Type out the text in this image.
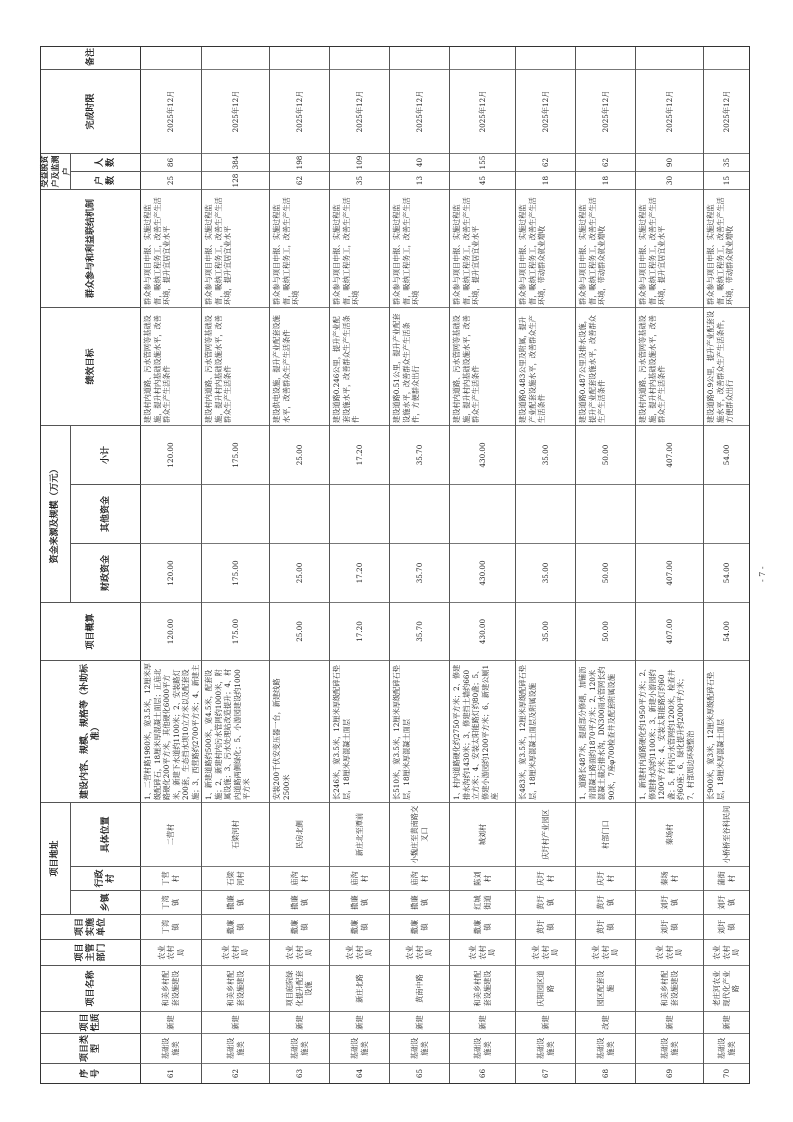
序号
项目类型
项目性质
项目名称
项目主管部门
项目实施单位
项目地址
乡镇
行政村
具体位置
建设内容、规模、规格等（补助标准）
项目概算
资金来源及规模（万元）
财政资金
其他资金
小计
绩效目标
群众参与和利益联结机制
受益脱贫户及监测户
户数
人数
完成时限
备注
61
基础设施类
新建
和美乡村配套设施建设
农业农村局
丁湾镇
丁湾镇
丁营村
二营村
1、二营村路1980米，宽3.5米，12厘米厚级配碎石，18厘米厚混凝土面层；正庙北路硬化200平方米，其他硬化6000平方米，新建下水道约1100米；2、安装路灯200套，生态挡水坝10立方米以及配套设施；3、西营路约2700平方米；4、新建主
120.00
120.00
120.00
建设村内道路、污水管网等基础设施，提升村内基础设施水平，改善群众生产生活条件
群众参与项目申报、实施过程监督，吸纳工程务工，改善生产生活环境，提升宜居宜业水平
25
86
2025年12月
62
基础设施类
新建
和美乡村配套设施建设
农业农村局
撒廉镇
撒廉镇
石梁河村
石梁河村
1、新建道路约500米，宽4.5米，配套设施；2、新建村内污水管网约1000米，附属设施；3、污水处理站改造提升；4、村内道路两侧绿化；5、小游园建设约1000平方米
175.00
175.00
175.00
建设村内道路、污水管网等基础设施，提升村内基础设施水平，改善群众生产生活条件
群众参与项目申报、实施过程监督，吸纳工程务工，改善生产生活环境，提升宜居宜业水平
128
384
2025年12月
63
基础设施类
新建
项目庭院绿化提升配套设施
农业农村局
撒廉镇
撒廉镇
庙沟村
民房北侧
安装200千伏安变压器一台，新建线路2500米
25.00
25.00
25.00
建设供电设施，提升产业配套设施水平，改善群众生产生活条件
群众参与项目申报、实施过程监督，吸纳工程务工，改善生产生活环境
62
198
2025年12月
64
基础设施类
新建
新庄北路
农业农村局
撒廉镇
撒廉镇
庙沟村
新庄北至潭前
长246米，宽3.5米，12厘米厚级配碎石垫层，18厘米厚混凝土面层
17.20
17.20
17.20
建设道路0.246公里，提升产业配套设施水平，改善群众生产生活条件
群众参与项目申报、实施过程监督，吸纳工程务工，改善生产生活环境
35
109
2025年12月
65
基础设施类
新建
黄南中路
农业农村局
撒廉镇
撒廉镇
庙沟村
小魏庄至黄南路交叉口
长510米，宽3.5米，12厘米厚级配碎石垫层，18厘米厚混凝土面层
35.70
35.70
35.70
建设道路0.51公里，提升产业配套设施水平，改善群众生产生活条件，方便群众出行
群众参与项目申报、实施过程监督，吸纳工程务工，改善生产生活环境
13
40
2025年12月
66
基础设施类
新建
和美乡村配套设施建设
农业农村局
撒廉镇
红城街道
陈刘村
城刘村
1、村内道路硬化约2750平方米；2、修建排水沟约1430米；3、修建挡土墙约660立方米；4、安装太阳能路灯约80盏；5、修建小游园约1200平方米；6、新建公厕1座
430.00
430.00
430.00
建设村内道路、污水管网等基础设施，提升村内基础设施水平，改善群众生产生活条件
群众参与项目申报、实施过程监督，吸纳工程务工，改善生产生活环境，提升宜居宜业水平
45
155
2025年12月
67
基础设施类
新建
庆阳园区道路
农业农村局
黄圩镇
黄圩镇
庆圩村
庆圩村产业园区
长483米，宽3.5米，12厘米厚级配碎石垫层，18厘米厚混凝土面层及附属设施
35.00
35.00
35.00
建设道路0.483公里及附属，提升产业配套设施水平，改善群众生产生活条件
群众参与项目申报、实施过程监督，吸纳工程务工，改善生产生活环境，带动群众就业增收
18
62
2025年12月
68
基础设施类
改建
园区配套设施
农业农村局
黄圩镇
黄圩镇
庆圩村
村部门口
1、道路长487米，提质部分修缮，加铺沥青混凝土路面约1870平方米；2、120米混凝土截污排水沟，DN300雨水管网长约90米，7座φ700检查井及配套附属设施
50.00
50.00
50.00
建设道路0.487公里及排水设施，提升产业配套设施水平，改善群众生产生活条件
群众参与项目申报、实施过程监督，吸纳工程务工，改善生产生活环境，带动群众就业增收
18
62
2025年12月
69
基础设施类
新建
和美乡村配套设施建设
农业农村局
刘圩镇
刘圩镇
秦场村
秦场村
1、新建村内道路硬化约1950平方米；2、修建排水沟约1100米；3、新建小游园约1200平方米；4、安装太阳能路灯约60盏；5、村内污水管网约1200米，检查井约60座；6、绿化提升约2000平方米；7、村部周边环境整治
407.00
407.00
407.00
建设村内道路、污水管网等基础设施，提升村内基础设施水平，改善群众生产生活条件
群众参与项目申报、实施过程监督，吸纳工程务工，改善生产生活环境，提升宜居宜业水平
30
90
2025年12月
70
基础设施类
新建
老庄河农业现代化产业路
农业农村局
刘圩镇
刘圩镇
蒲街村
小桥桥至谷科民间
长900米，宽3米，12厘米厚级配碎石垫层，18厘米厚混凝土面层
54.00
54.00
54.00
建设道路0.9公里，提升产业配套设施水平，改善群众生产生活条件，方便群众出行
群众参与项目申报、实施过程监督，吸纳工程务工，改善生产生活环境，带动群众就业增收
15
35
2025年12月
- 7 -
